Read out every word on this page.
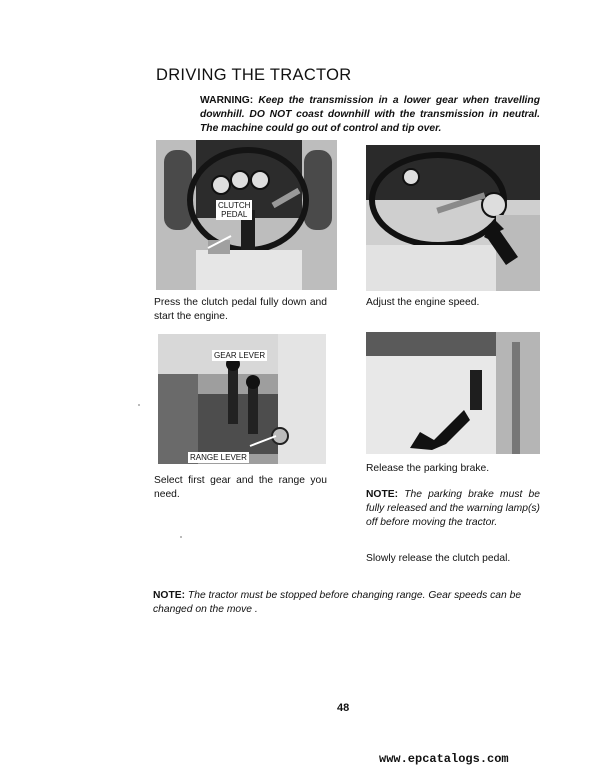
DRIVING THE TRACTOR
WARNING: Keep the transmission in a lower gear when travelling downhill. DO NOT coast downhill with the transmission in neutral. The machine could go out of control and tip over.
CLUTCH
PEDAL
Press the clutch pedal fully down and start the engine.
Adjust the engine speed.
GEAR LEVER
RANGE LEVER
Select first gear and the range you need.
Release the parking brake.
NOTE: The parking brake must be fully released and the warning lamp(s) off before moving the tractor.
Slowly release the clutch pedal.
NOTE: The tractor must be stopped before changing range. Gear speeds can be changed on the move .
48
www.epcatalogs.com
